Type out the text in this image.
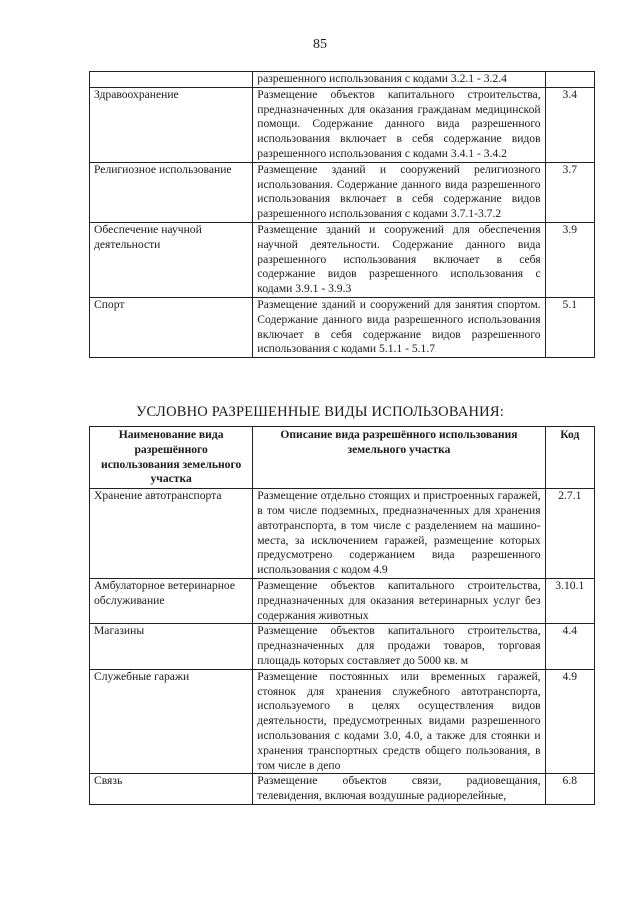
85
	разрешенного использования с кодами 3.2.1 - 3.2.4	
Здравоохранение	Размещение объектов капитального строительства, предназначенных для оказания гражданам медицинской помощи. Содержание данного вида разрешенного использования включает в себя содержание видов разрешенного использования с кодами 3.4.1 - 3.4.2	3.4
Религиозное использование	Размещение зданий и сооружений религиозного использования. Содержание данного вида разрешенного использования включает в себя содержание видов разрешенного использования с кодами 3.7.1-3.7.2	3.7
Обеспечение научной деятельности	Размещение зданий и сооружений для обеспечения научной деятельности. Содержание данного вида разрешенного использования включает в себя содержание видов разрешенного использования с кодами 3.9.1 - 3.9.3	3.9
Спорт	Размещение зданий и сооружений для занятия спортом. Содержание данного вида разрешенного использования включает в себя содержание видов разрешенного использования с кодами 5.1.1 - 5.1.7	5.1
УСЛОВНО РАЗРЕШЕННЫЕ ВИДЫ ИСПОЛЬЗОВАНИЯ:
Наименование вида разрешённого использования земельного участка	Описание вида разрешённого использования земельного участка	Код
Хранение автотранспорта	Размещение отдельно стоящих и пристроенных гаражей, в том числе подземных, предназначенных для хранения автотранспорта, в том числе с разделением на машино-места, за исключением гаражей, размещение которых предусмотрено содержанием вида разрешенного использования с кодом 4.9	2.7.1
Амбулаторное ветеринарное обслуживание	Размещение объектов капитального строительства, предназначенных для оказания ветеринарных услуг без содержания животных	3.10.1
Магазины	Размещение объектов капитального строительства, предназначенных для продажи товаров, торговая площадь которых составляет до 5000 кв. м	4.4
Служебные гаражи	Размещение постоянных или временных гаражей, стоянок для хранения служебного автотранспорта, используемого в целях осуществления видов деятельности, предусмотренных видами разрешенного использования с кодами 3.0, 4.0, а также для стоянки и хранения транспортных средств общего пользования, в том числе в депо	4.9
Связь	Размещение объектов связи, радиовещания, телевидения, включая воздушные радиорелейные,	6.8
